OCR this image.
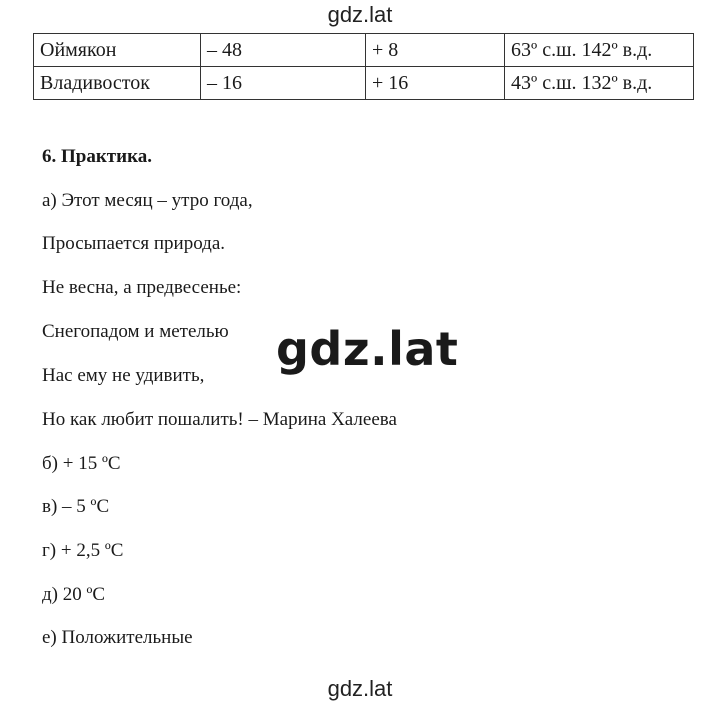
gdz.lat
Оймякон	– 48	+ 8	63º с.ш. 142º в.д.
Владивосток	– 16	+ 16	43º с.ш. 132º в.д.
6. Практика.
а) Этот месяц – утро года,
Просыпается природа.
Не весна, а предвесенье:
Снегопадом и метелью
Нас ему не удивить,
Но как любит пошалить! – Марина Халеева
б) + 15 ºС
в) – 5 ºС
г) + 2,5 ºС
д) 20 ºС
е) Положительные
gdz.lat
gdz.lat
